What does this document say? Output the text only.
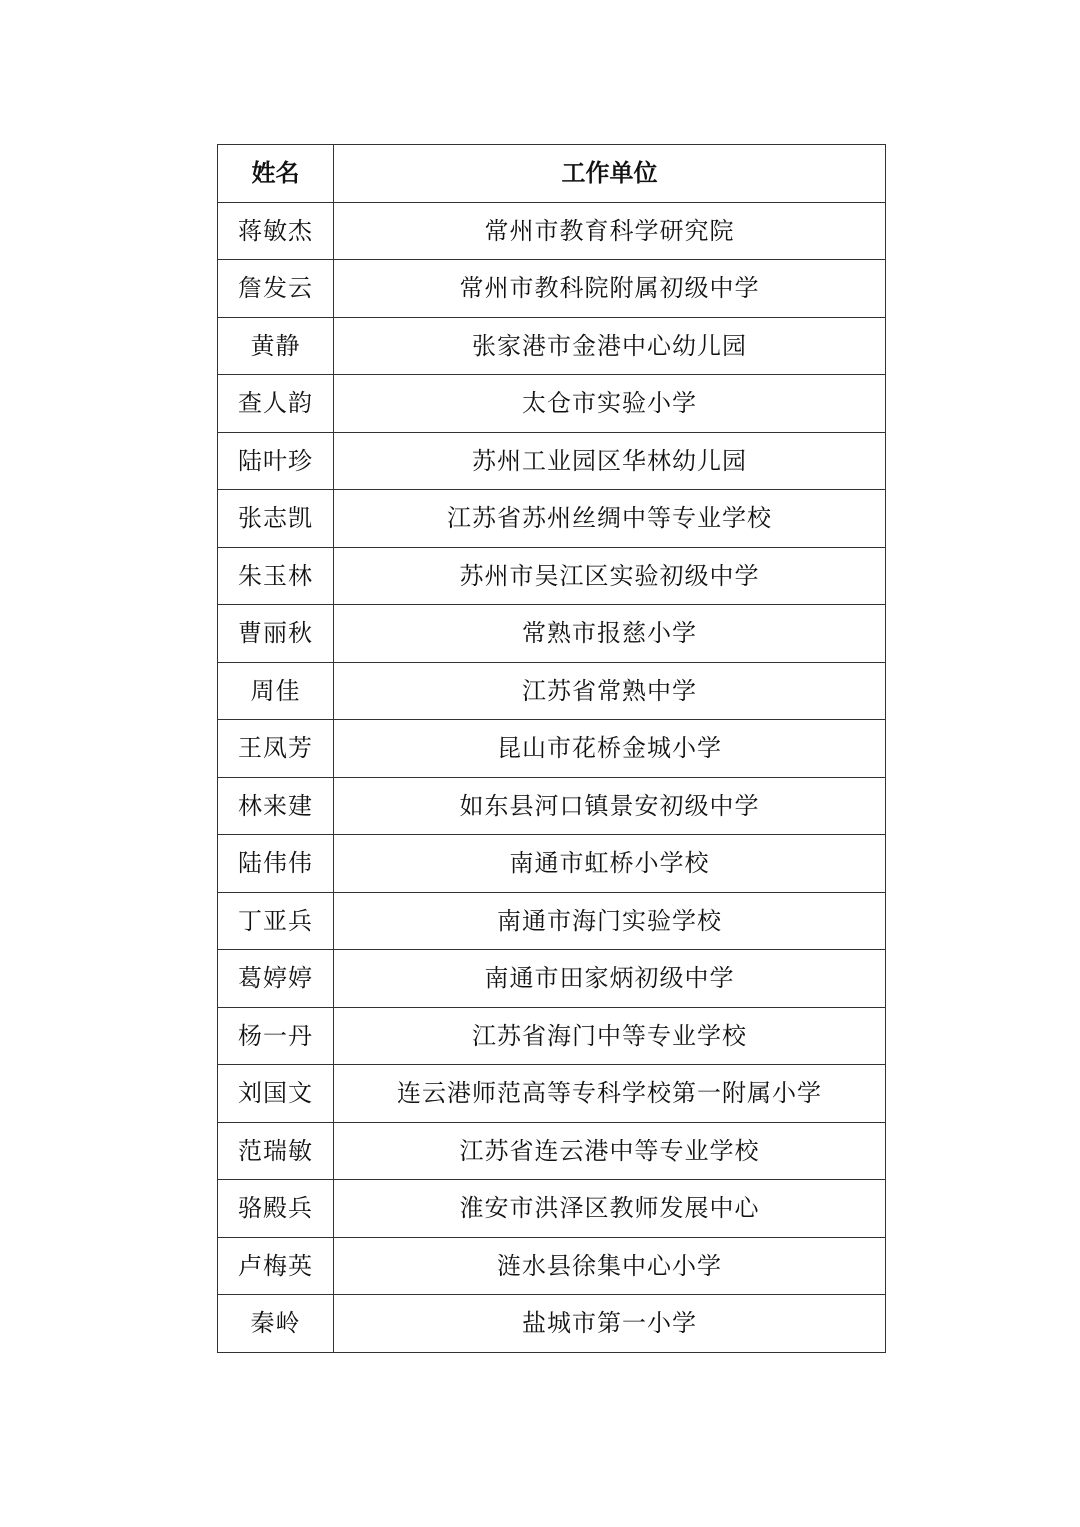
姓名	工作单位
蒋敏杰	常州市教育科学研究院
詹发云	常州市教科院附属初级中学
黄静	张家港市金港中心幼儿园
查人韵	太仓市实验小学
陆叶珍	苏州工业园区华林幼儿园
张志凯	江苏省苏州丝绸中等专业学校
朱玉林	苏州市吴江区实验初级中学
曹丽秋	常熟市报慈小学
周佳	江苏省常熟中学
王凤芳	昆山市花桥金城小学
林来建	如东县河口镇景安初级中学
陆伟伟	南通市虹桥小学校
丁亚兵	南通市海门实验学校
葛婷婷	南通市田家炳初级中学
杨一丹	江苏省海门中等专业学校
刘国文	连云港师范高等专科学校第一附属小学
范瑞敏	江苏省连云港中等专业学校
骆殿兵	淮安市洪泽区教师发展中心
卢梅英	涟水县徐集中心小学
秦岭	盐城市第一小学
